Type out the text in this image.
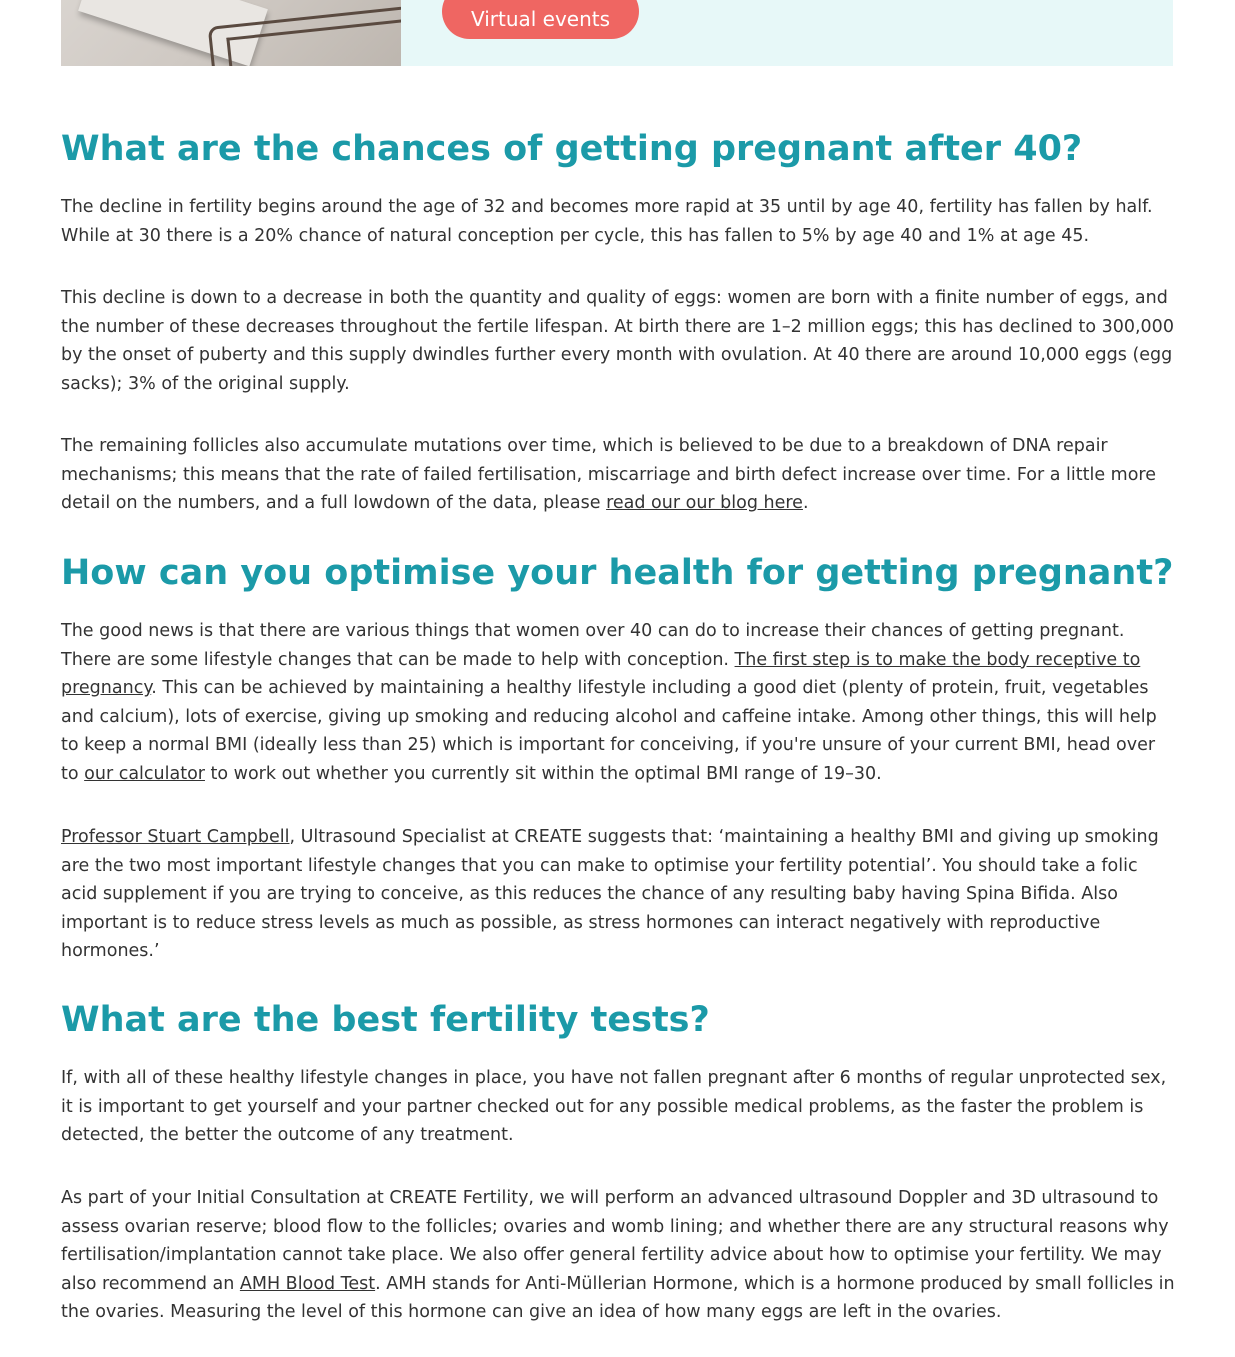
Virtual events
What are the chances of getting pregnant after 40?

The decline in fertility begins around the age of 32 and becomes more rapid at 35 until by age 40, fertility has fallen by half. While at 30 there is a 20% chance of natural conception per cycle, this has fallen to 5% by age 40 and 1% at age 45.

This decline is down to a decrease in both the quantity and quality of eggs: women are born with a finite number of eggs, and the number of these decreases throughout the fertile lifespan. At birth there are 1–2 million eggs; this has declined to 300,000 by the onset of puberty and this supply dwindles further every month with ovulation. At 40 there are around 10,000 eggs (egg sacks); 3% of the original supply.

The remaining follicles also accumulate mutations over time, which is believed to be due to a breakdown of DNA repair mechanisms; this means that the rate of failed fertilisation, miscarriage and birth defect increase over time. For a little more detail on the numbers, and a full lowdown of the data, please read our our blog here.

How can you optimise your health for getting pregnant?

The good news is that there are various things that women over 40 can do to increase their chances of getting pregnant. There are some lifestyle changes that can be made to help with conception. The first step is to make the body receptive to pregnancy. This can be achieved by maintaining a healthy lifestyle including a good diet (plenty of protein, fruit, vegetables and calcium), lots of exercise, giving up smoking and reducing alcohol and caffeine intake. Among other things, this will help to keep a normal BMI (ideally less than 25) which is important for conceiving, if you're unsure of your current BMI, head over to our calculator to work out whether you currently sit within the optimal BMI range of 19–30.

Professor Stuart Campbell, Ultrasound Specialist at CREATE suggests that: ‘maintaining a healthy BMI and giving up smoking are the two most important lifestyle changes that you can make to optimise your fertility potential’. You should take a folic acid supplement if you are trying to conceive, as this reduces the chance of any resulting baby having Spina Bifida. Also important is to reduce stress levels as much as possible, as stress hormones can interact negatively with reproductive hormones.’

What are the best fertility tests?

If, with all of these healthy lifestyle changes in place, you have not fallen pregnant after 6 months of regular unprotected sex, it is important to get yourself and your partner checked out for any possible medical problems, as the faster the problem is detected, the better the outcome of any treatment.

As part of your Initial Consultation at CREATE Fertility, we will perform an advanced ultrasound Doppler and 3D ultrasound to assess ovarian reserve; blood flow to the follicles; ovaries and womb lining; and whether there are any structural reasons why fertilisation/implantation cannot take place. We also offer general fertility advice about how to optimise your fertility. We may also recommend an AMH Blood Test. AMH stands for Anti-Müllerian Hormone, which is a hormone produced by small follicles in the ovaries. Measuring the level of this hormone can give an idea of how many eggs are left in the ovaries.
